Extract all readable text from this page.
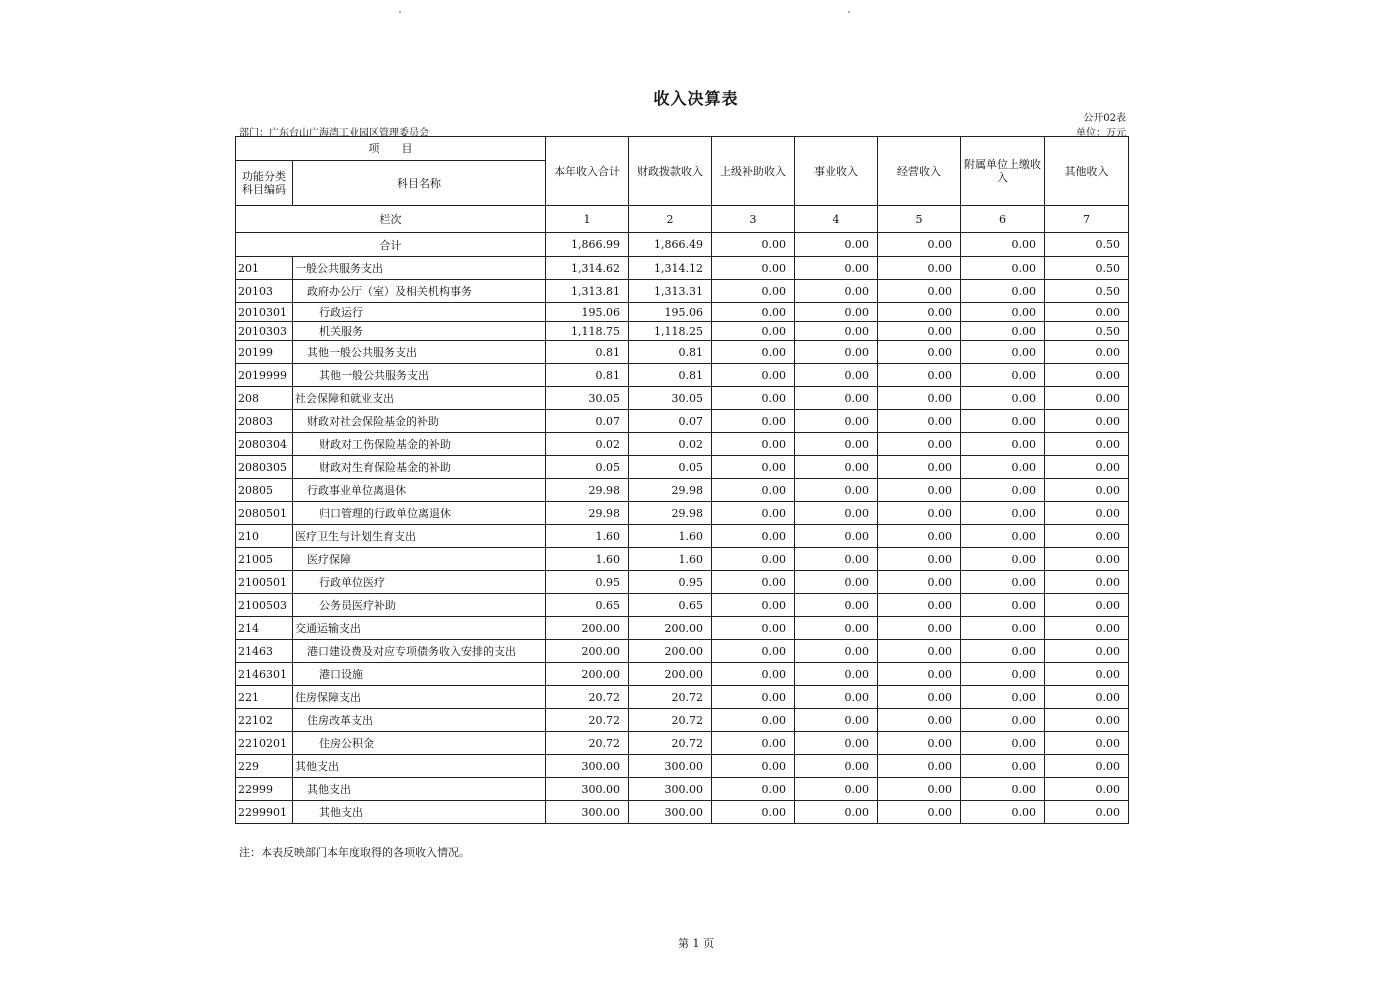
收入决算表
公开02表
部门：广东台山广海湾工业园区管理委员会	单位：万元
项　　目		本年收入合计	财政拨款收入	上级补助收入	事业收入	经营收入	附属单位上缴收入	其他收入
功能分类科目编码	科目名称							
栏次		1	2	3	4	5	6	7
合计		1,866.99	1,866.49	0.00	0.00	0.00	0.00	0.50
201	一般公共服务支出	1,314.62	1,314.12	0.00	0.00	0.00	0.00	0.50
20103	政府办公厅（室）及相关机构事务	1,313.81	1,313.31	0.00	0.00	0.00	0.00	0.50
2010301	行政运行	195.06	195.06	0.00	0.00	0.00	0.00	0.00
2010303	机关服务	1,118.75	1,118.25	0.00	0.00	0.00	0.00	0.50
20199	其他一般公共服务支出	0.81	0.81	0.00	0.00	0.00	0.00	0.00
2019999	其他一般公共服务支出	0.81	0.81	0.00	0.00	0.00	0.00	0.00
208	社会保障和就业支出	30.05	30.05	0.00	0.00	0.00	0.00	0.00
20803	财政对社会保险基金的补助	0.07	0.07	0.00	0.00	0.00	0.00	0.00
2080304	财政对工伤保险基金的补助	0.02	0.02	0.00	0.00	0.00	0.00	0.00
2080305	财政对生育保险基金的补助	0.05	0.05	0.00	0.00	0.00	0.00	0.00
20805	行政事业单位离退休	29.98	29.98	0.00	0.00	0.00	0.00	0.00
2080501	归口管理的行政单位离退休	29.98	29.98	0.00	0.00	0.00	0.00	0.00
210	医疗卫生与计划生育支出	1.60	1.60	0.00	0.00	0.00	0.00	0.00
21005	医疗保障	1.60	1.60	0.00	0.00	0.00	0.00	0.00
2100501	行政单位医疗	0.95	0.95	0.00	0.00	0.00	0.00	0.00
2100503	公务员医疗补助	0.65	0.65	0.00	0.00	0.00	0.00	0.00
214	交通运输支出	200.00	200.00	0.00	0.00	0.00	0.00	0.00
21463	港口建设费及对应专项债务收入安排的支出	200.00	200.00	0.00	0.00	0.00	0.00	0.00
2146301	港口设施	200.00	200.00	0.00	0.00	0.00	0.00	0.00
221	住房保障支出	20.72	20.72	0.00	0.00	0.00	0.00	0.00
22102	住房改革支出	20.72	20.72	0.00	0.00	0.00	0.00	0.00
2210201	住房公积金	20.72	20.72	0.00	0.00	0.00	0.00	0.00
229	其他支出	300.00	300.00	0.00	0.00	0.00	0.00	0.00
22999	其他支出	300.00	300.00	0.00	0.00	0.00	0.00	0.00
2299901	其他支出	300.00	300.00	0.00	0.00	0.00	0.00	0.00
注：本表反映部门本年度取得的各项收入情况。
第 1 页
